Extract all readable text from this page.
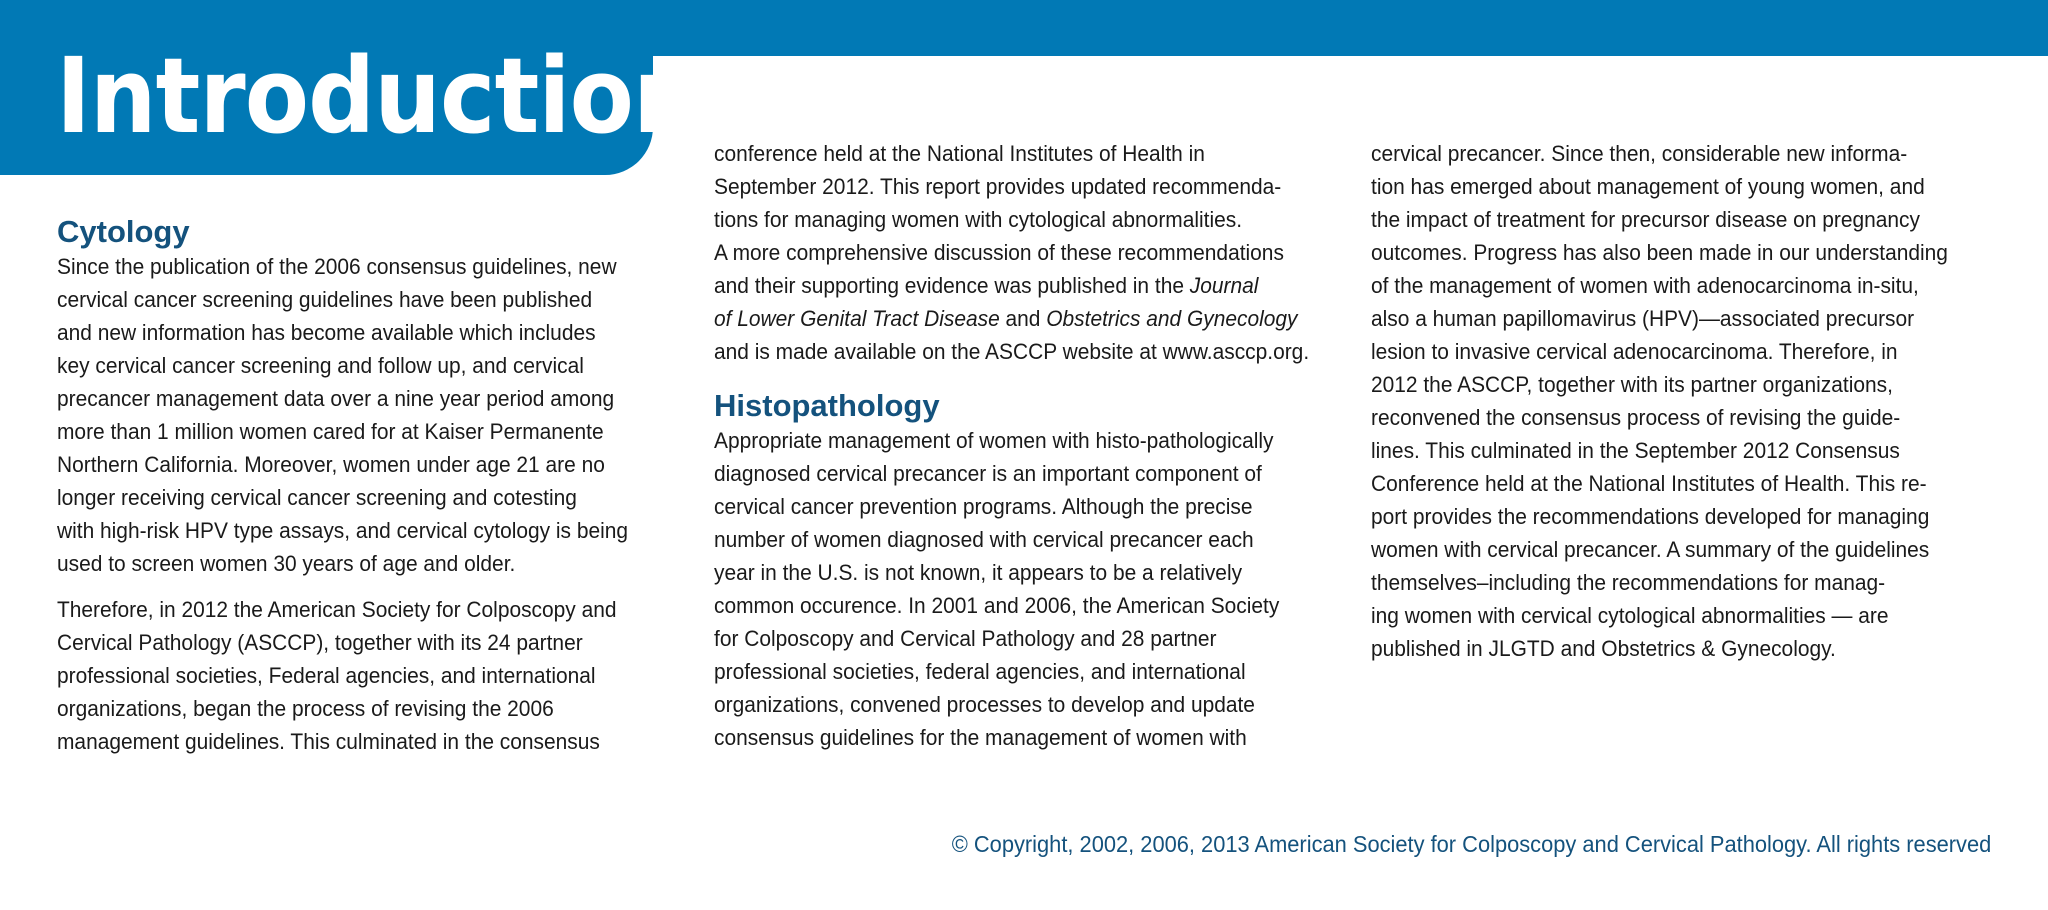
Introduction
Cytology

Since the publication of the 2006 consensus guidelines, new
cervical cancer screening guidelines have been published
and new information has become available which includes
key cervical cancer screening and follow up, and cervical
precancer management data over a nine year period among
more than 1 million women cared for at Kaiser Permanente
Northern California. Moreover, women under age 21 are no
longer receiving cervical cancer screening and cotesting
with high-risk HPV type assays, and cervical cytology is being
used to screen women 30 years of age and older.

Therefore, in 2012 the American Society for Colposcopy and
Cervical Pathology (ASCCP), together with its 24 partner
professional societies, Federal agencies, and international
organizations, began the process of revising the 2006
management guidelines. This culminated in the consensus

conference held at the National Institutes of Health in
September 2012. This report provides updated recommenda-
tions for managing women with cytological abnormalities.
A more comprehensive discussion of these recommendations
and their supporting evidence was published in the Journal
of Lower Genital Tract Disease and Obstetrics and Gynecology
and is made available on the ASCCP website at www.asccp.org.

Histopathology

Appropriate management of women with histo-pathologically
diagnosed cervical precancer is an important component of
cervical cancer prevention programs. Although the precise
number of women diagnosed with cervical precancer each
year in the U.S. is not known, it appears to be a relatively
common occurence. In 2001 and 2006, the American Society
for Colposcopy and Cervical Pathology and 28 partner
professional societies, federal agencies, and international
organizations, convened processes to develop and update
consensus guidelines for the management of women with

cervical precancer. Since then, considerable new informa-
tion has emerged about management of young women, and
the impact of treatment for precursor disease on pregnancy
outcomes. Progress has also been made in our understanding
of the management of women with adenocarcinoma in-situ,
also a human papillomavirus (HPV)—associated precursor
lesion to invasive cervical adenocarcinoma. Therefore, in
2012 the ASCCP, together with its partner organizations,
reconvened the consensus process of revising the guide-
lines. This culminated in the September 2012 Consensus
Conference held at the National Institutes of Health. This re-
port provides the recommendations developed for managing
women with cervical precancer. A summary of the guidelines
themselves–including the recommendations for manag-
ing women with cervical cytological abnormalities — are
published in JLGTD and Obstetrics & Gynecology.

© Copyright, 2002, 2006, 2013 American Society for Colposcopy and Cervical Pathology. All rights reserved
